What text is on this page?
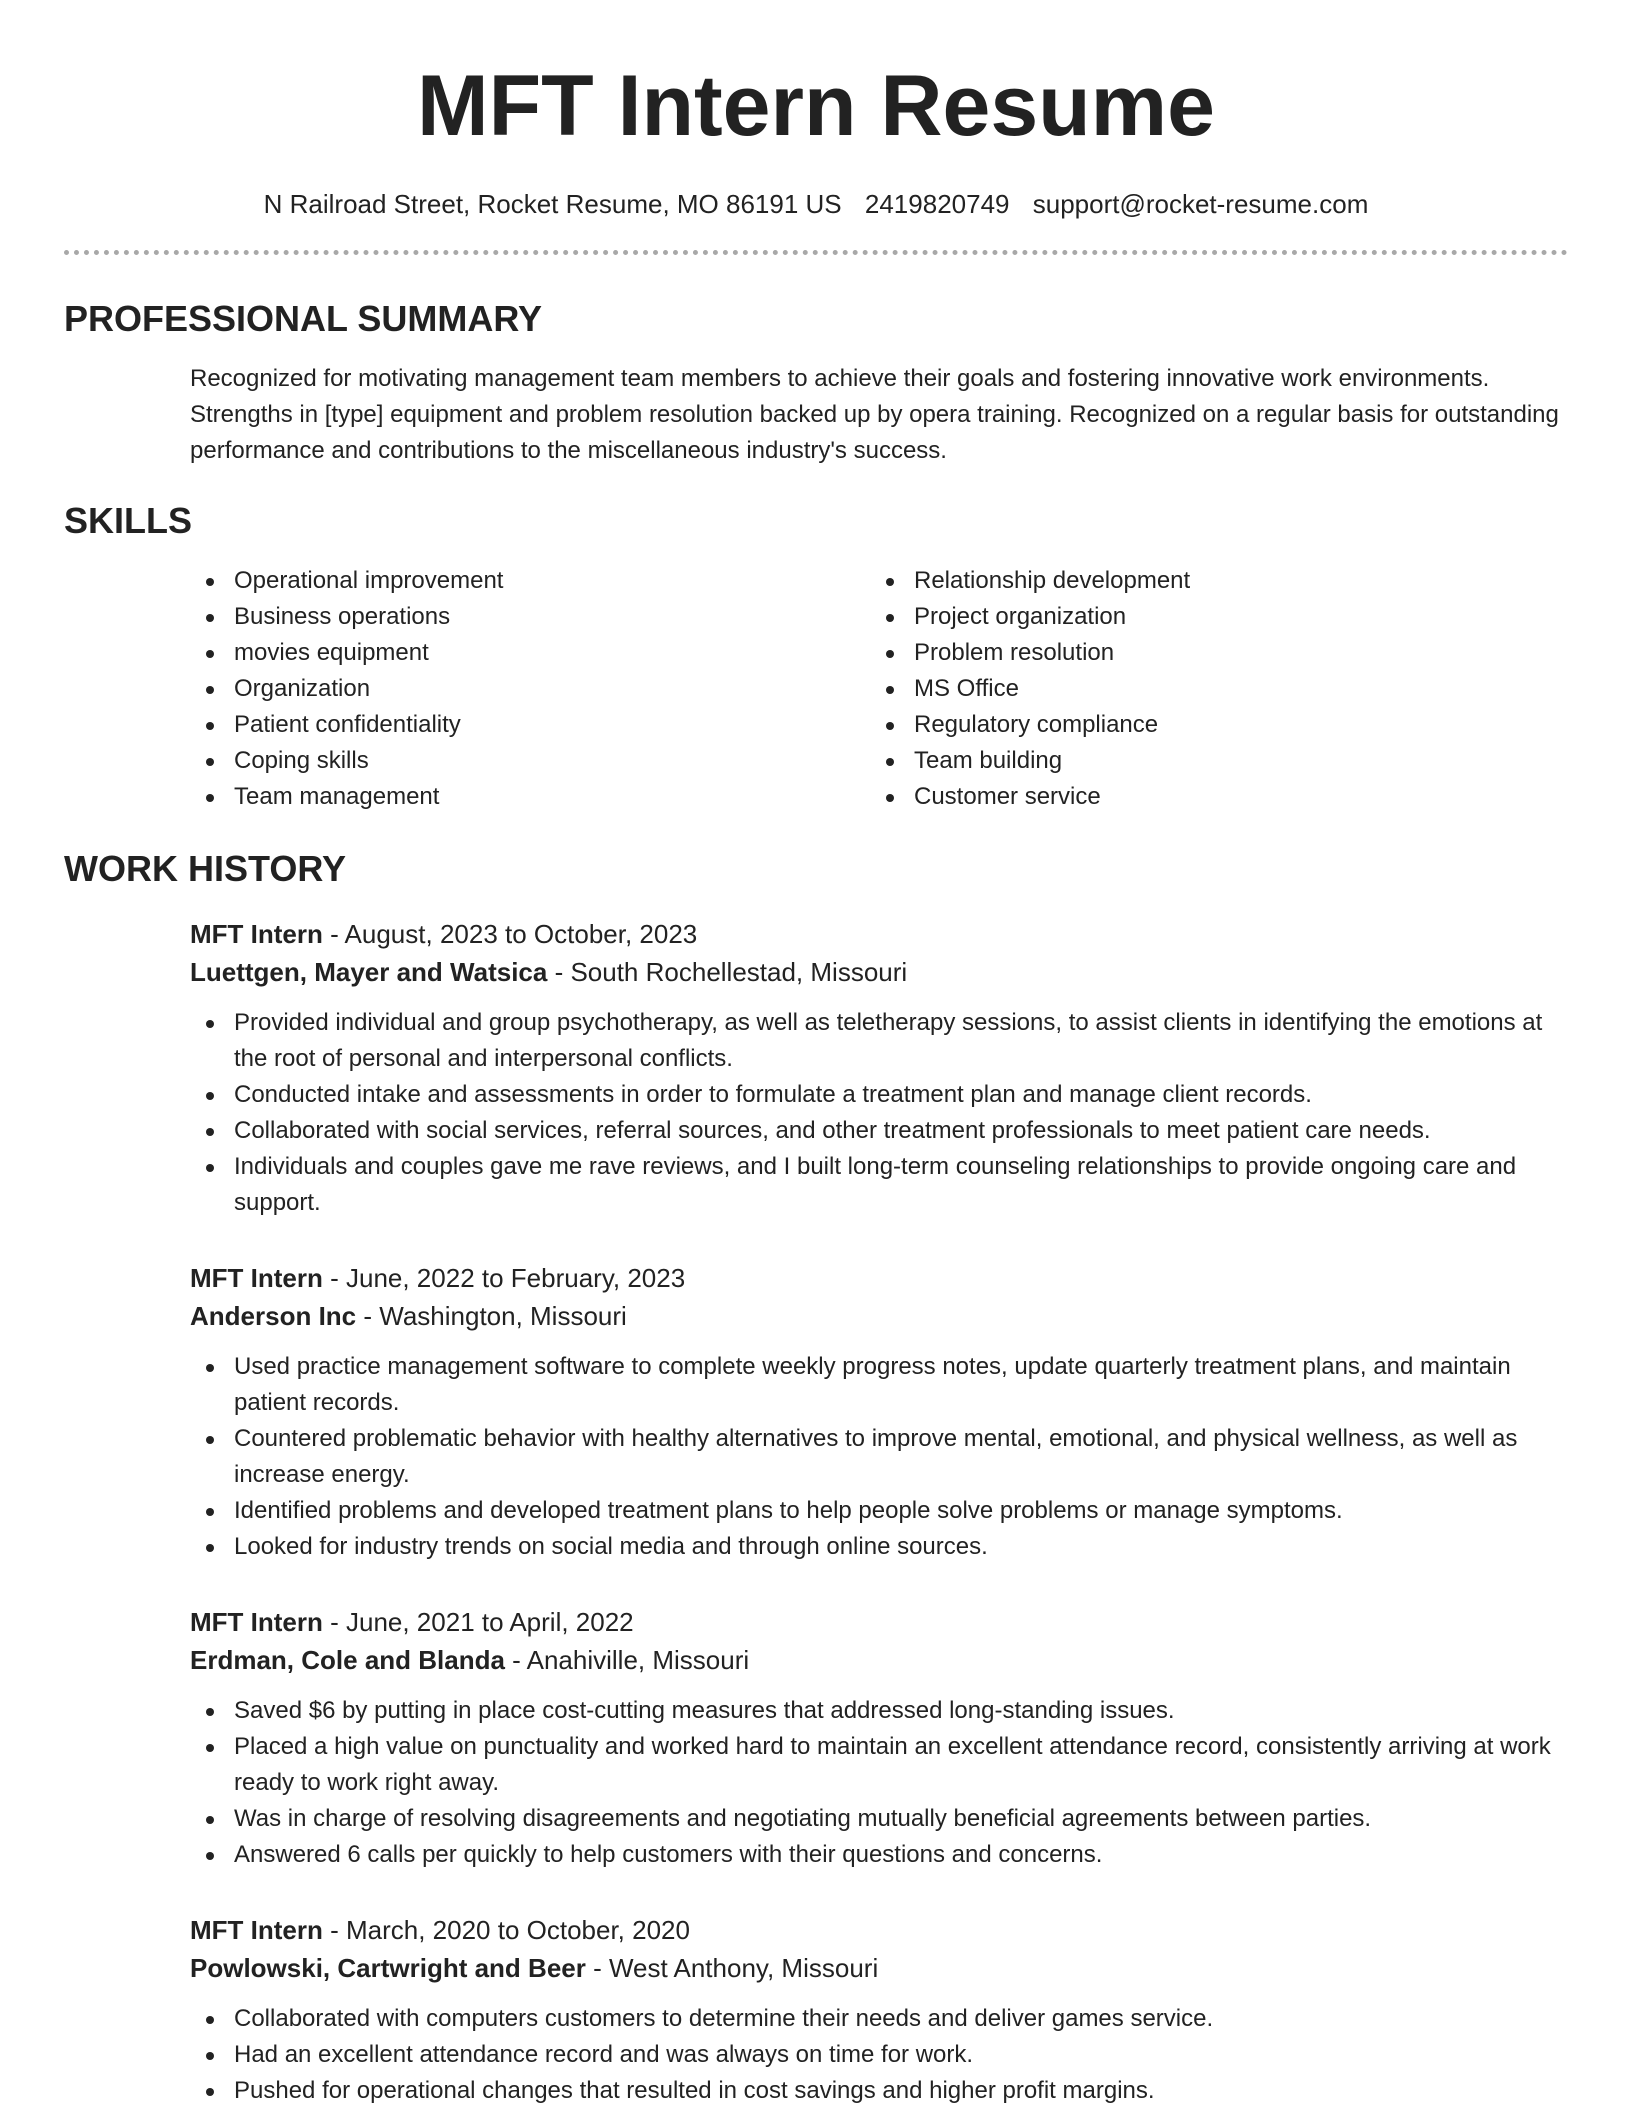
MFT Intern Resume
N Railroad Street, Rocket Resume, MO 86191 US 2419820749 support@rocket-resume.com
PROFESSIONAL SUMMARY

Recognized for motivating management team members to achieve their goals and fostering innovative work environments. Strengths in [type] equipment and problem resolution backed up by opera training. Recognized on a regular basis for outstanding performance and contributions to the miscellaneous industry's success.

SKILLS
Operational improvement
Business operations
movies equipment
Organization
Patient confidentiality
Coping skills
Team management
Relationship development
Project organization
Problem resolution
MS Office
Regulatory compliance
Team building
Customer service
WORK HISTORY
MFT Intern - August, 2023 to October, 2023
Luettgen, Mayer and Watsica - South Rochellestad, Missouri
Provided individual and group psychotherapy, as well as teletherapy sessions, to assist clients in identifying the emotions at the root of personal and interpersonal conflicts.
Conducted intake and assessments in order to formulate a treatment plan and manage client records.
Collaborated with social services, referral sources, and other treatment professionals to meet patient care needs.
Individuals and couples gave me rave reviews, and I built long-term counseling relationships to provide ongoing care and support.
MFT Intern - June, 2022 to February, 2023
Anderson Inc - Washington, Missouri
Used practice management software to complete weekly progress notes, update quarterly treatment plans, and maintain patient records.
Countered problematic behavior with healthy alternatives to improve mental, emotional, and physical wellness, as well as increase energy.
Identified problems and developed treatment plans to help people solve problems or manage symptoms.
Looked for industry trends on social media and through online sources.
MFT Intern - June, 2021 to April, 2022
Erdman, Cole and Blanda - Anahiville, Missouri
Saved $6 by putting in place cost-cutting measures that addressed long-standing issues.
Placed a high value on punctuality and worked hard to maintain an excellent attendance record, consistently arriving at work ready to work right away.
Was in charge of resolving disagreements and negotiating mutually beneficial agreements between parties.
Answered 6 calls per quickly to help customers with their questions and concerns.
MFT Intern - March, 2020 to October, 2020
Powlowski, Cartwright and Beer - West Anthony, Missouri
Collaborated with computers customers to determine their needs and deliver games service.
Had an excellent attendance record and was always on time for work.
Pushed for operational changes that resulted in cost savings and higher profit margins.
